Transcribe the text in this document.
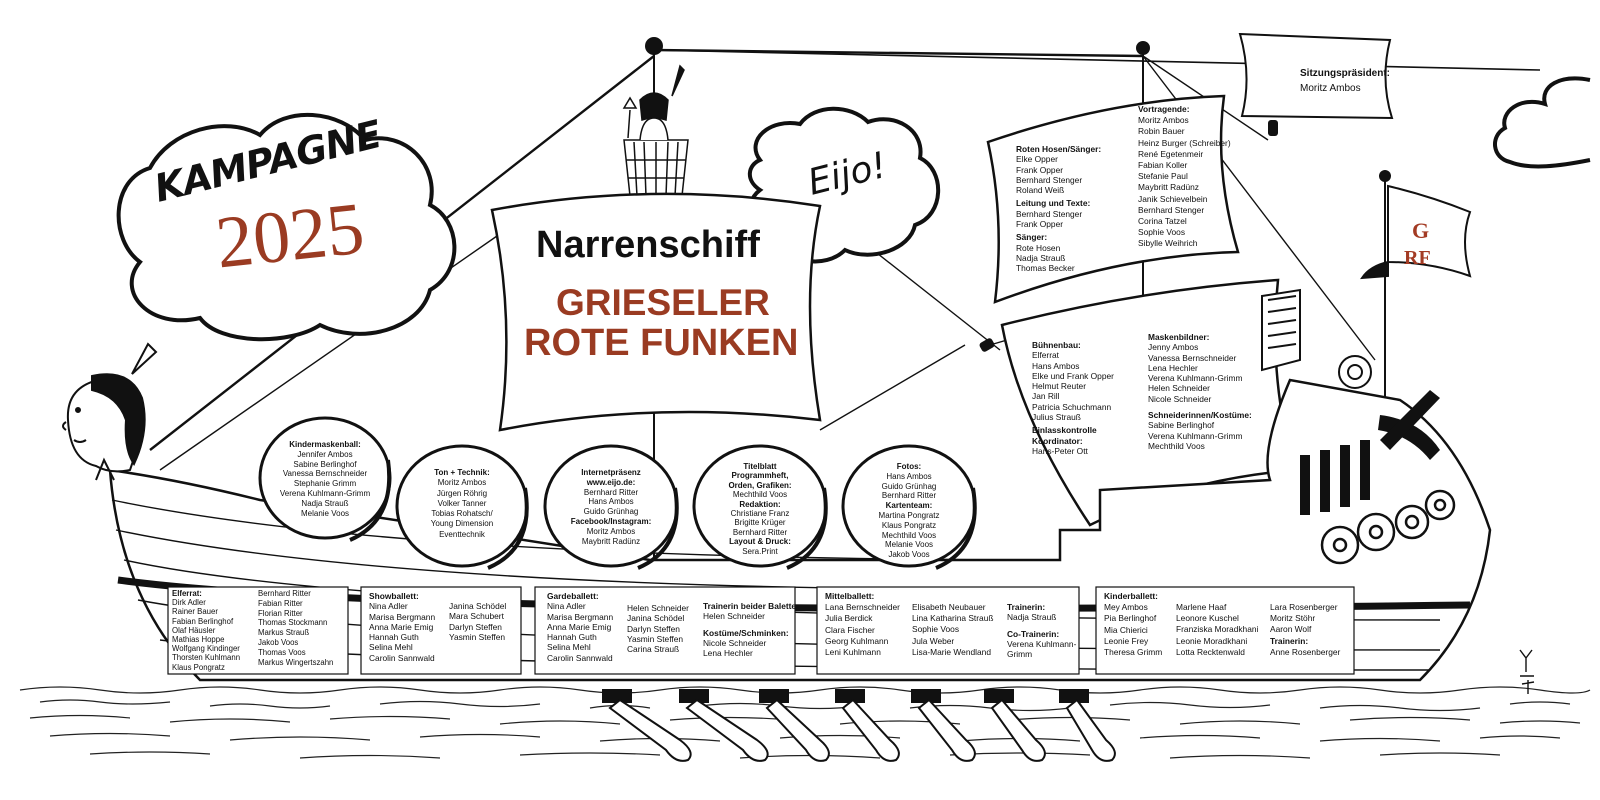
G
RF
KAMPAGNE
2025
Eijo!
Narrenschiff
GRIESELER
ROTE FUNKEN
Sitzungspräsident:
Moritz Ambos
Roten Hosen/Sänger:
Elke Opper
Frank Opper
Bernhard Stenger
Roland Weiß
Leitung und Texte:
Bernhard Stenger
Frank Opper
Sänger:
Rote Hosen
Nadja Strauß
Thomas Becker
Vortragende:
Moritz Ambos
Robin Bauer
Heinz Burger (Schreiber)
René Egetenmeir
Fabian Koller
Stefanie Paul
Maybritt Radünz
Janik Schievelbein
Bernhard Stenger
Corina Tatzel
Sophie Voos
Sibylle Weihrich
Bühnenbau:
Elferrat
Hans Ambos
Elke und Frank Opper
Helmut Reuter
Jan Rill
Patricia Schuchmann
Julius Strauß
Einlasskontrolle
Koordinator:
Hans-Peter Ott
Maskenbildner:
Jenny Ambos
Vanessa Bernschneider
Lena Hechler
Verena Kuhlmann-Grimm
Helen Schneider
Nicole Schneider
Schneiderinnen/Kostüme:
Sabine Berlinghof
Verena Kuhlmann-Grimm
Mechthild Voos
Kindermaskenball:
Jennifer Ambos
Sabine Berlinghof
Vanessa Bernschneider
Stephanie Grimm
Verena Kuhlmann-Grimm
Nadja Strauß
Melanie Voos
Ton + Technik:
Moritz Ambos
Jürgen Röhrig
Volker Tanner
Tobias Rohatsch/
Young Dimension
Eventtechnik
Internetpräsenz
www.eijo.de:
Bernhard Ritter
Hans Ambos
Guido Grünhag
Facebook/Instagram:
Moritz Ambos
Maybritt Radünz
Titelblatt
Programmheft,
Orden, Grafiken:
Mechthild Voos
Redaktion:
Christiane Franz
Brigitte Krüger
Bernhard Ritter
Layout & Druck:
Sera.Print
Fotos:
Hans Ambos
Guido Grünhag
Bernhard Ritter
Kartenteam:
Martina Pongratz
Klaus Pongratz
Mechthild Voos
Melanie Voos
Jakob Voos
Elferrat:
Dirk Adler
Rainer Bauer
Fabian Berlinghof
Olaf Häusler
Mathias Hoppe
Wolfgang Kindinger
Thorsten Kuhlmann
Klaus Pongratz
Bernhard Ritter
Fabian Ritter
Florian Ritter
Thomas Stockmann
Markus Strauß
Jakob Voos
Thomas Voos
Markus Wingertszahn
Showballett:
Nina Adler
Marisa Bergmann
Anna Marie Emig
Hannah Guth
Selina Mehl
Carolin Sannwald
Janina Schödel
Mara Schubert
Darlyn Steffen
Yasmin Steffen
Gardeballett:
Nina Adler
Marisa Bergmann
Anna Marie Emig
Hannah Guth
Selina Mehl
Carolin Sannwald
Helen Schneider
Janina Schödel
Darlyn Steffen
Yasmin Steffen
Carina Strauß
Trainerin beider Balette:
Helen Schneider
Kostüme/Schminken:
Nicole Schneider
Lena Hechler
Mittelballett:
Lana Bernschneider
Julia Berdick
Clara Fischer
Georg Kuhlmann
Leni Kuhlmann
Elisabeth Neubauer
Lina Katharina Strauß
Sophie Voos
Jula Weber
Lisa-Marie Wendland
Trainerin:
Nadja Strauß
Co-Trainerin:
Verena Kuhlmann-
Grimm
Kinderballett:
Mey Ambos
Pia Berlinghof
Mia Chierici
Leonie Frey
Theresa Grimm
Marlene Haaf
Leonore Kuschel
Franziska Moradkhani
Leonie Moradkhani
Lotta Recktenwald
Lara Rosenberger
Moritz Stöhr
Aaron Wolf
Trainerin:
Anne Rosenberger
